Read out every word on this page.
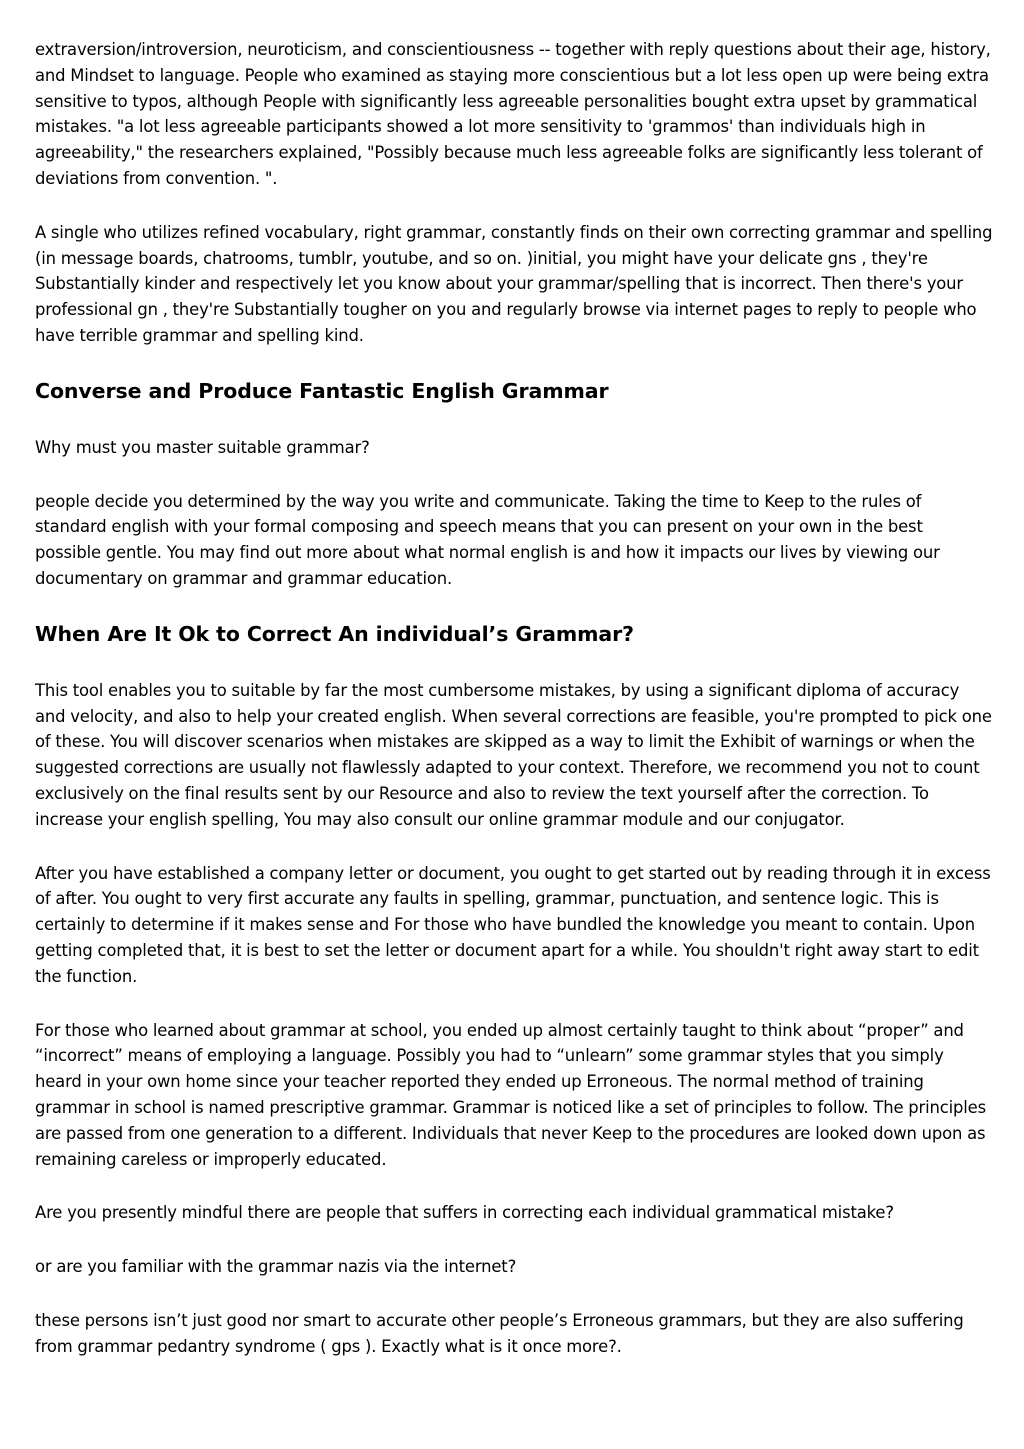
extraversion/introversion, neuroticism, and conscientiousness -- together with reply questions about their age, history, and Mindset to language. People who examined as staying more conscientious but a lot less open up were being extra sensitive to typos, although People with significantly less agreeable personalities bought extra upset by grammatical mistakes. "a lot less agreeable participants showed a lot more sensitivity to 'grammos' than individuals high in agreeability," the researchers explained, "Possibly because much less agreeable folks are significantly less tolerant of deviations from convention. ".

A single who utilizes refined vocabulary, right grammar, constantly finds on their own correcting grammar and spelling (in message boards, chatrooms, tumblr, youtube, and so on. )initial, you might have your delicate gns , they're Substantially kinder and respectively let you know about your grammar/spelling that is incorrect. Then there's your professional gn , they're Substantially tougher on you and regularly browse via internet pages to reply to people who have terrible grammar and spelling kind.

Converse and Produce Fantastic English Grammar

Why must you master suitable grammar?

people decide you determined by the way you write and communicate. Taking the time to Keep to the rules of standard english with your formal composing and speech means that you can present on your own in the best possible gentle. You may find out more about what normal english is and how it impacts our lives by viewing our documentary on grammar and grammar education.

When Are It Ok to Correct An individual’s Grammar?

This tool enables you to suitable by far the most cumbersome mistakes, by using a significant diploma of accuracy and velocity, and also to help your created english. When several corrections are feasible, you're prompted to pick one of these. You will discover scenarios when mistakes are skipped as a way to limit the Exhibit of warnings or when the suggested corrections are usually not flawlessly adapted to your context. Therefore, we recommend you not to count exclusively on the final results sent by our Resource and also to review the text yourself after the correction. To increase your english spelling, You may also consult our online grammar module and our conjugator.

After you have established a company letter or document, you ought to get started out by reading through it in excess of after. You ought to very first accurate any faults in spelling, grammar, punctuation, and sentence logic. This is certainly to determine if it makes sense and For those who have bundled the knowledge you meant to contain. Upon getting completed that, it is best to set the letter or document apart for a while. You shouldn't right away start to edit the function.

For those who learned about grammar at school, you ended up almost certainly taught to think about “proper” and “incorrect” means of employing a language. Possibly you had to “unlearn” some grammar styles that you simply heard in your own home since your teacher reported they ended up Erroneous. The normal method of training grammar in school is named prescriptive grammar. Grammar is noticed like a set of principles to follow. The principles are passed from one generation to a different. Individuals that never Keep to the procedures are looked down upon as remaining careless or improperly educated.

Are you presently mindful there are people that suffers in correcting each individual grammatical mistake?

or are you familiar with the grammar nazis via the internet?

these persons isn’t just good nor smart to accurate other people’s Erroneous grammars, but they are also suffering from grammar pedantry syndrome ( gps ). Exactly what is it once more?.
